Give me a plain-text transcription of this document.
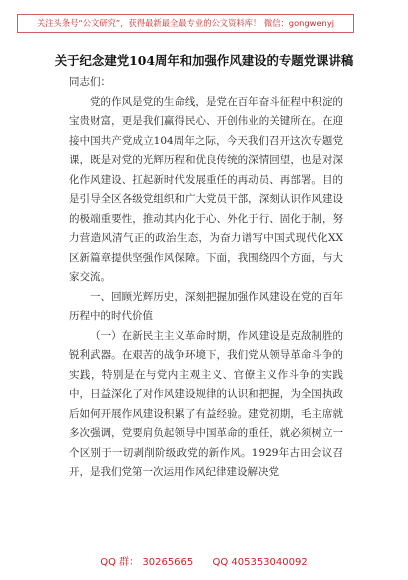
关注头条号“公文研究”，获得最新最全最专业的公文资料库！ 微信：gongwenyj
关于纪念建党104周年和加强作风建设的专题党课讲稿

同志们：

党的作风是党的生命线，是党在百年奋斗征程中积淀的宝贵财富，更是我们赢得民心、开创伟业的关键所在。在迎接中国共产党成立104周年之际，今天我们召开这次专题党课，既是对党的光辉历程和优良传统的深情回望，也是对深化作风建设、扛起新时代发展重任的再动员、再部署。目的是引导全区各级党组织和广大党员干部，深刻认识作风建设的极端重要性，推动其内化于心、外化于行、固化于制，努力营造风清气正的政治生态，为奋力谱写中国式现代化XX区新篇章提供坚强作风保障。下面，我围绕四个方面，与大家交流。

一、回顾光辉历史，深刻把握加强作风建设在党的百年历程中的时代价值

（一）在新民主主义革命时期，作风建设是克敌制胜的锐利武器。在艰苦的战争环境下，我们党从领导革命斗争的实践，特别是在与党内主观主义、官僚主义作斗争的实践中，日益深化了对作风建设规律的认识和把握，为全国执政后如何开展作风建设积累了有益经验。建党初期，毛主席就多次强调，党要肩负起领导中国革命的重任，就必须树立一个区别于一切剥削阶级政党的新作风。1929年古田会议召开，是我们党第一次运用作风纪律建设解决党

QQ 群： 30265665 QQ 405353040092
